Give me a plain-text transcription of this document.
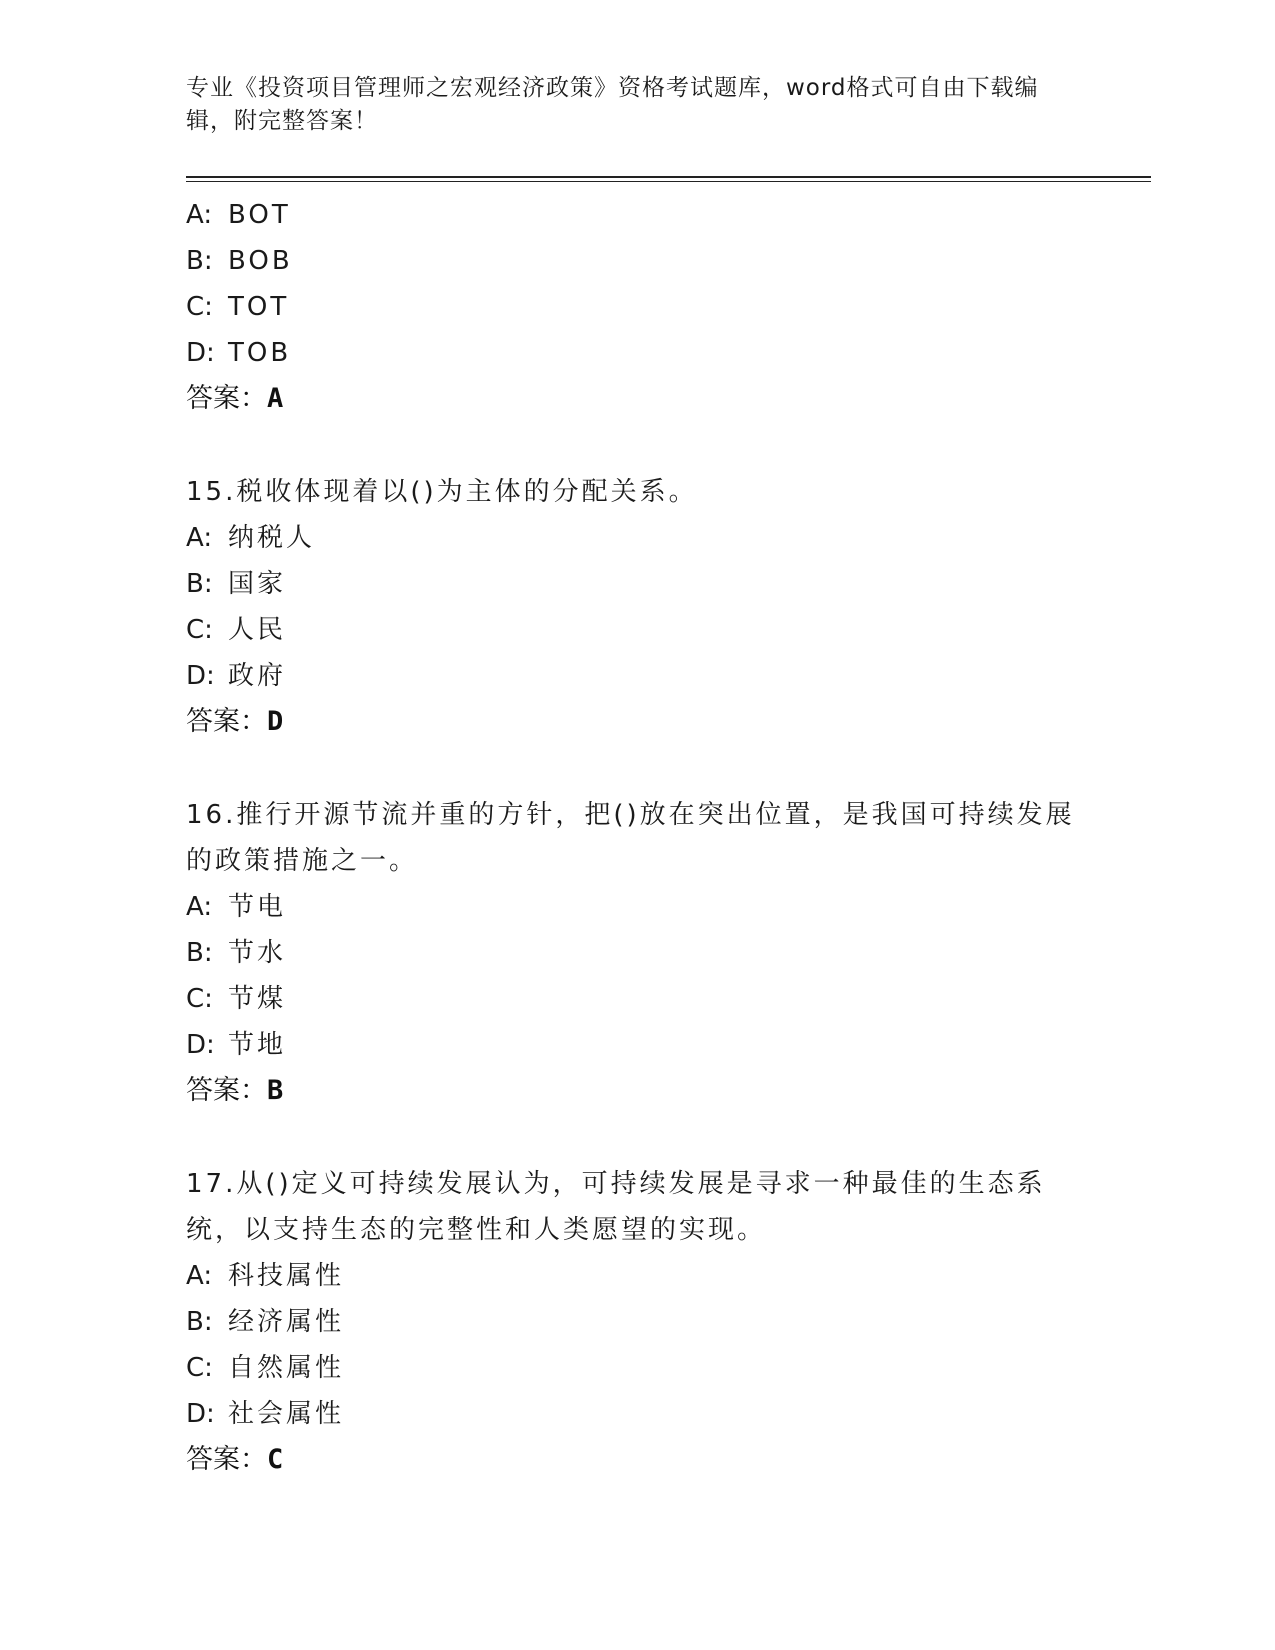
专业《投资项目管理师之宏观经济政策》资格考试题库，word格式可自由下载编辑，附完整答案！
A: BOT
B: BOB
C: TOT
D: TOB
答案：A
15.税收体现着以()为主体的分配关系。
A: 纳税人
B: 国家
C: 人民
D: 政府
答案：D
16.推行开源节流并重的方针，把()放在突出位置，是我国可持续发展的政策措施之一。
A: 节电
B: 节水
C: 节煤
D: 节地
答案：B
17.从()定义可持续发展认为，可持续发展是寻求一种最佳的生态系统，以支持生态的完整性和人类愿望的实现。
A: 科技属性
B: 经济属性
C: 自然属性
D: 社会属性
答案：C
